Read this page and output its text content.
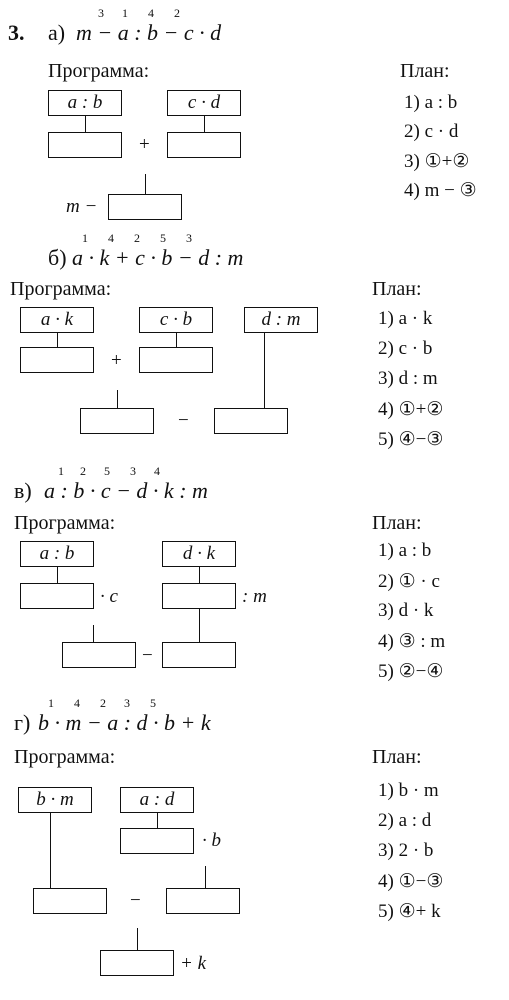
3. а) m − a : b − c · d
3 1 4 2
Программа:	План:
a : b	c · d
+
m −
1) a : b
2) c · d
3) ①+②
4) m − ③
б) a · k + c · b − d : m
1 4 2 5 3
Программа:	План:
a · k	c · b	d : m
+
−
1) a · k
2) c · b
3) d : m
4) ①+②
5) ④−③
в) a : b · c − d · k : m
1 2 5 3 4
Программа:	План:
a : b	d · k
· c	: m
−
1) a : b
2) ① · c
3) d · k
4) ③ : m
5) ②−④
г) b · m − a : d · b + k
1 4 2 3 5
Программа:	План:
b · m	a : d
· b
−
+ k
1) b · m
2) a : d
3) 2 · b
4) ①−③
5) ④+ k
